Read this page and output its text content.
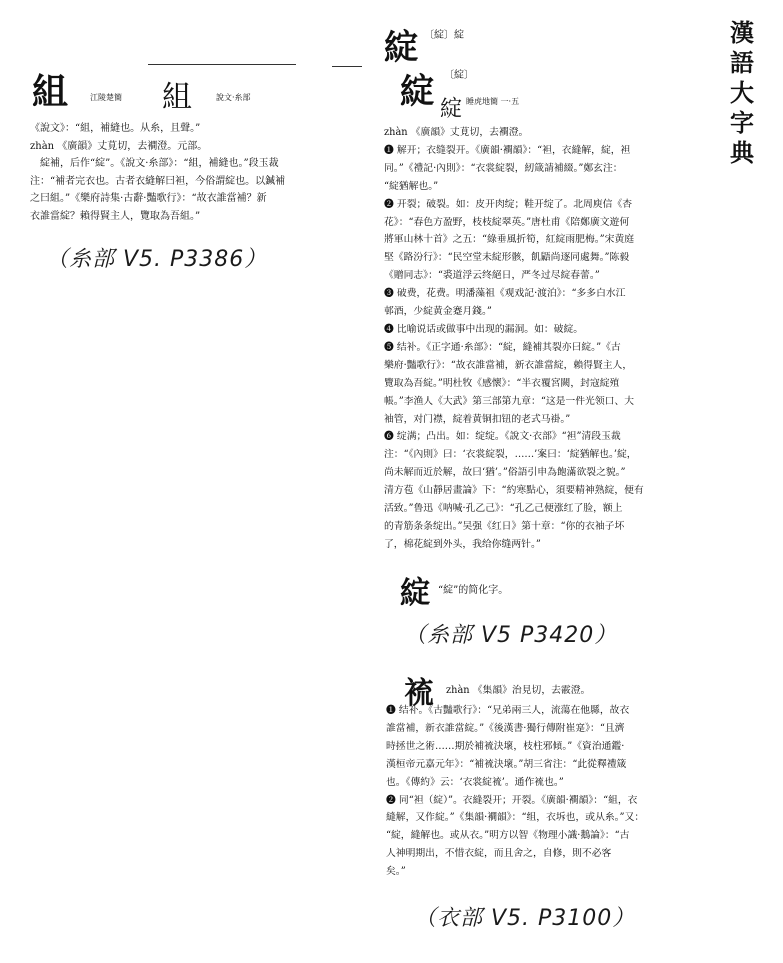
漢
語
大
字
典
組	江陵楚簡 組	說文·糸部
《說文》：“組，補縫也。从糸，且聲。”
zhàn 《廣韻》丈莧切，去襇澄。元部。
　綻補，后作“綻”。《說文·糸部》：“組，補縫也。”段玉裁
注：“補者完衣也。古者衣縫解曰袒，今俗謂綻也。以鍼補
之曰組。”《樂府詩集·古辭·豔歌行》：“故衣誰當補？新
衣誰當綻？賴得賢主人，覽取為吾組。”
（糸部 V5. P3386）
綻 〔綻〕綻
綻 〔綻〕
綻 睡虎地簡 一·五
zhàn 《廣韻》丈莧切，去襇澄。
❶ 解开；衣缝裂开。《廣韻·襇韻》：“袒，衣縫解，綻，袒
同。”《禮記·內則》：“衣裳綻裂，紉箴請補綴。”鄭玄注：
“綻猶解也。”
❷ 开裂；破裂。如：皮开肉绽；鞋开绽了。北周庾信《杏
花》：“春色方盈野，枝枝綻翠英。”唐杜甫《陪鄭廣文遊何
將軍山林十首》之五：“綠垂風折筍，紅綻雨肥梅。”宋黄庭
堅《路汾行》：“民空堂未綻形骸，飢鼯尚逐同處舞。”陈毅
《贈同志》：“裘道浮云终絕日，严冬过尽綻春蕾。”
❸ 破费，花费。明潘藻祖《观戏記·渡泊》：“多多白水江
邨酒，少綻黄金蹇月錢。”
❹ 比喻说话或做事中出现的漏洞。如：破綻。
❺ 结补。《正字通·糸部》：“綻，縫補其裂亦曰綻。”《古
樂府·豔歌行》：“故衣誰當補，新衣誰當綻，賴得賢主人，
覽取為吾綻。”明杜牧《感懷》：“半衣覆宮闕，封寇綻殖
帳。”李渔人《大武》第三部第九章：“这是一件光领口、大
袖管，对门襟，綻着黄铜扣钮的老式马褂。”
❻ 绽满；凸出。如：绽绽。《說文·衣部》“袒”清段玉裁
注：“《內則》曰：‘衣裳綻裂，……’案曰：‘綻猶解也。’綻，
尚未解而近於解，故曰‘猶’。”俗語引申為飽滿欲裂之貌。”
清方苞《山靜居畫論》下：“約寒點心，須要精神熟綻，便有
活致。”鲁迅《呐喊·孔乙己》：“孔乙己便涨红了脸，额上
的青筋条条绽出。”吴强《红日》第十章：“你的衣袖子坏
了，棉花綻到外头，我给你缝两针。”
綻 “綻”的简化字。
（糸部 V5 P3420）
裗 zhàn 《集韻》治見切，去霰澄。
❶ 结补。《古豔歌行》：“兄弟兩三人，流蕩在他縣，故衣
誰當補，新衣誰當綻。”《後漢書·獨行傳附崔寔》：“且濟
時拯世之術……期於補裗決壞，枝柱邪傾。”《資治通鑑·
漢桓帝元嘉元年》：“補裗決壞。”胡三省注：“此從釋禮箴
也。《傳約》云：‘衣裳綻裗’。通作裗也。”
❷ 同“袒（綻）”。衣縫裂开；开裂。《廣韻·襇韻》：“組，衣
縫解，又作綻。”《集韻·襇韻》：“组，衣坼也，或从糸。”又：
“綻，縫解也。或从衣。”明方以智《物理小識·鵝論》：“古
人神明期出，不惜衣綻，而且舍之，自修，則不必客
矣。”
（衣部 V5. P3100）
